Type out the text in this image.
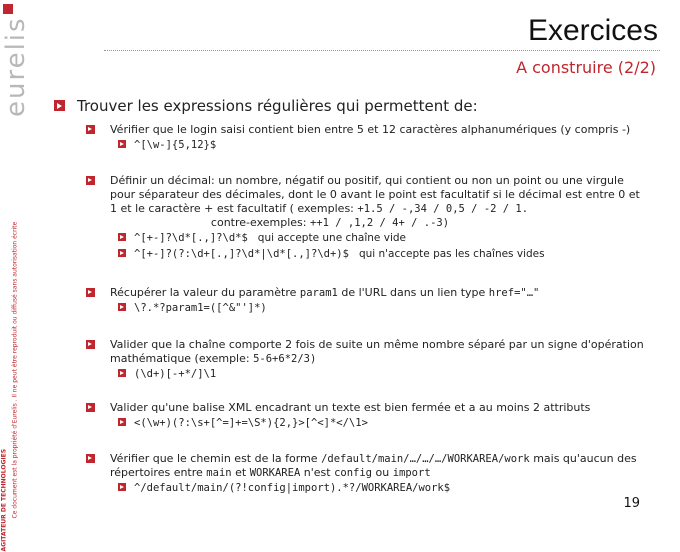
eurelis
Ce document est la propriété d'Eurelis . Il ne peut être reproduit ou diffusé sans autorisation écrite
AGITATEUR DE TECHNOLOGIES
Exercices
A construire (2/2)
Trouver les expressions régulières qui permettent de:
Vérifier que le login saisi contient bien entre 5 et 12 caractères alphanumériques (y compris -)
^[\w-]{5,12}$
Définir un décimal: un nombre, négatif ou positif, qui contient ou non un point ou une virgule pour séparateur des décimales, dont le 0 avant le point est facultatif si le décimal est entre 0 et 1 et le caractère + est facultatif ( exemples: +1.5 / -,34 / 0,5 / -2 / 1.
contre-exemples: ++1 / ,1,2 / 4+ / .-3)
^[+-]?\d*[.,]?\d*$ qui accepte une chaîne vide
^[+-]?(?:\d+[.,]?\d*|\d*[.,]?\d+)$ qui n'accepte pas les chaînes vides
Récupérer la valeur du paramètre param1 de l'URL dans un lien type href="…"
\?.*?param1=([^&"']*)
Valider que la chaîne comporte 2 fois de suite un même nombre séparé par un signe d'opération mathématique (exemple: 5-6+6*2/3)
(\d+)[-+*/]\1
Valider qu'une balise XML encadrant un texte est bien fermée et a au moins 2 attributs
<(\w+)(?:\s+[^=]+=\S*){2,}>[^<]*</\1>
Vérifier que le chemin est de la forme /default/main/…/…/…/WORKAREA/work mais qu'aucun des répertoires entre main et WORKAREA n'est config ou import
^/default/main/(?!config|import).*?/WORKAREA/work$
19
